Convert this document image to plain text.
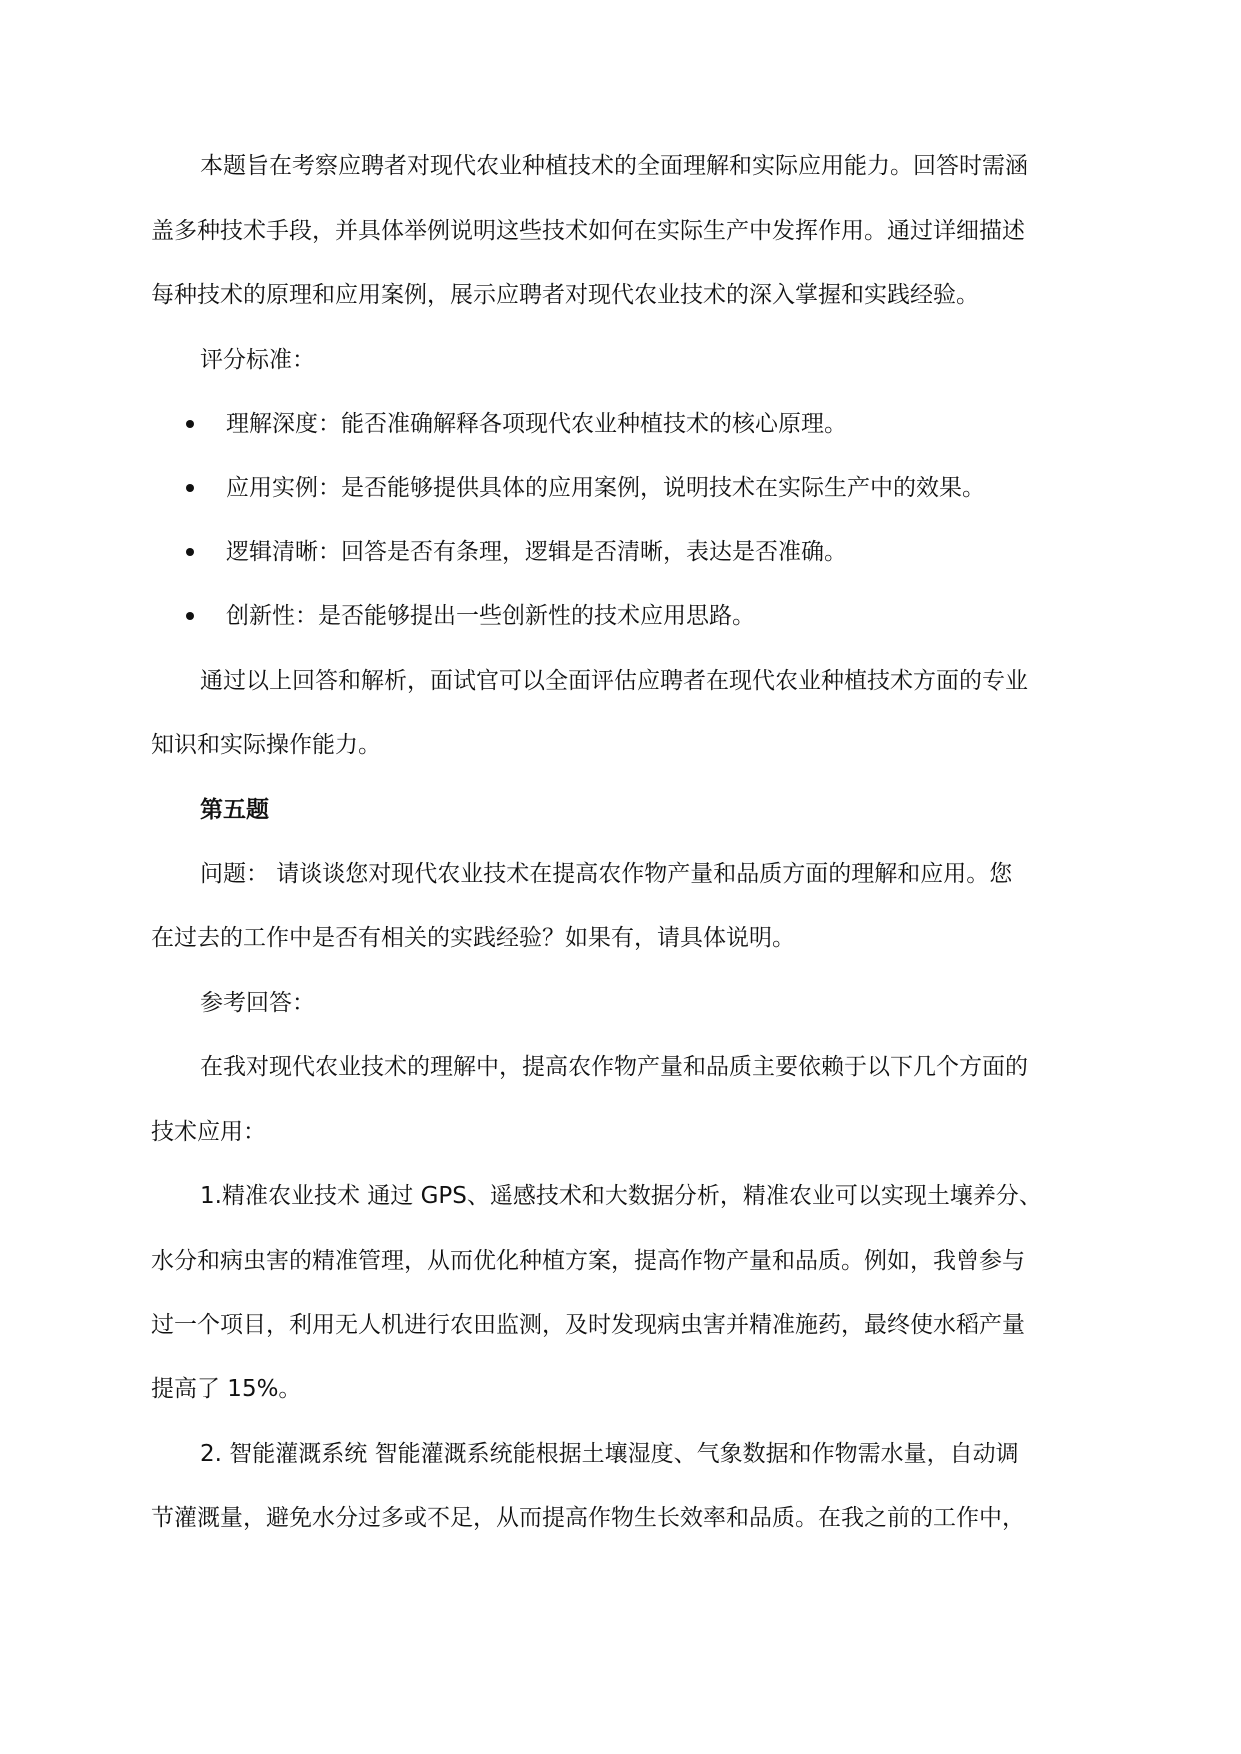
本题旨在考察应聘者对现代农业种植技术的全面理解和实际应用能力。回答时需涵
盖多种技术手段，并具体举例说明这些技术如何在实际生产中发挥作用。通过详细描述
每种技术的原理和应用案例，展示应聘者对现代农业技术的深入掌握和实践经验。
评分标准：
理解深度：能否准确解释各项现代农业种植技术的核心原理。
应用实例：是否能够提供具体的应用案例，说明技术在实际生产中的效果。
逻辑清晰：回答是否有条理，逻辑是否清晰，表达是否准确。
创新性：是否能够提出一些创新性的技术应用思路。
通过以上回答和解析，面试官可以全面评估应聘者在现代农业种植技术方面的专业
知识和实际操作能力。
第五题
问题： 请谈谈您对现代农业技术在提高农作物产量和品质方面的理解和应用。您
在过去的工作中是否有相关的实践经验？如果有，请具体说明。
参考回答：
在我对现代农业技术的理解中，提高农作物产量和品质主要依赖于以下几个方面的
技术应用：
1.精准农业技术 通过 GPS、遥感技术和大数据分析，精准农业可以实现土壤养分、
水分和病虫害的精准管理，从而优化种植方案，提高作物产量和品质。例如，我曾参与
过一个项目，利用无人机进行农田监测，及时发现病虫害并精准施药，最终使水稻产量
提高了 15%。
2. 智能灌溉系统 智能灌溉系统能根据土壤湿度、气象数据和作物需水量，自动调
节灌溉量，避免水分过多或不足，从而提高作物生长效率和品质。在我之前的工作中，
